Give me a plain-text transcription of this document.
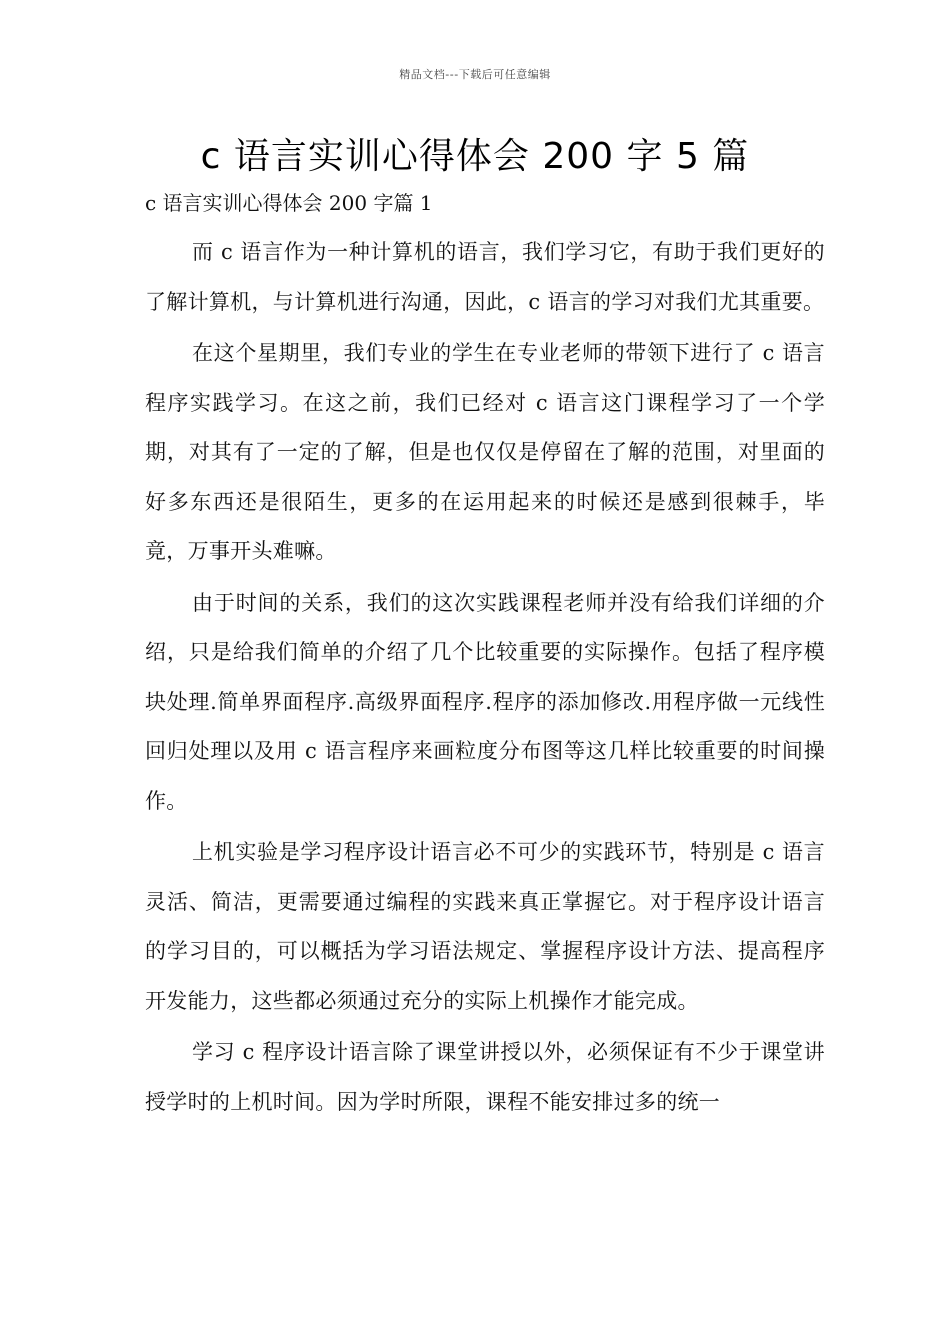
精品文档---下载后可任意编辑
c 语言实训心得体会 200 字 5 篇
c 语言实训心得体会 200 字篇 1

而 c 语言作为一种计算机的语言，我们学习它，有助于我们更好的了解计算机，与计算机进行沟通，因此，c 语言的学习对我们尤其重要。

在这个星期里，我们专业的学生在专业老师的带领下进行了 c 语言程序实践学习。在这之前，我们已经对 c 语言这门课程学习了一个学期，对其有了一定的了解，但是也仅仅是停留在了解的范围，对里面的好多东西还是很陌生，更多的在运用起来的时候还是感到很棘手，毕竟，万事开头难嘛。

由于时间的关系，我们的这次实践课程老师并没有给我们详细的介绍，只是给我们简单的介绍了几个比较重要的实际操作。包括了程序模块处理.简单界面程序.高级界面程序.程序的添加修改.用程序做一元线性回归处理以及用 c 语言程序来画粒度分布图等这几样比较重要的时间操作。

上机实验是学习程序设计语言必不可少的实践环节，特别是 c 语言灵活、简洁，更需要通过编程的实践来真正掌握它。对于程序设计语言的学习目的，可以概括为学习语法规定、掌握程序设计方法、提高程序开发能力，这些都必须通过充分的实际上机操作才能完成。

学习 c 程序设计语言除了课堂讲授以外，必须保证有不少于课堂讲授学时的上机时间。因为学时所限，课程不能安排过多的统一
